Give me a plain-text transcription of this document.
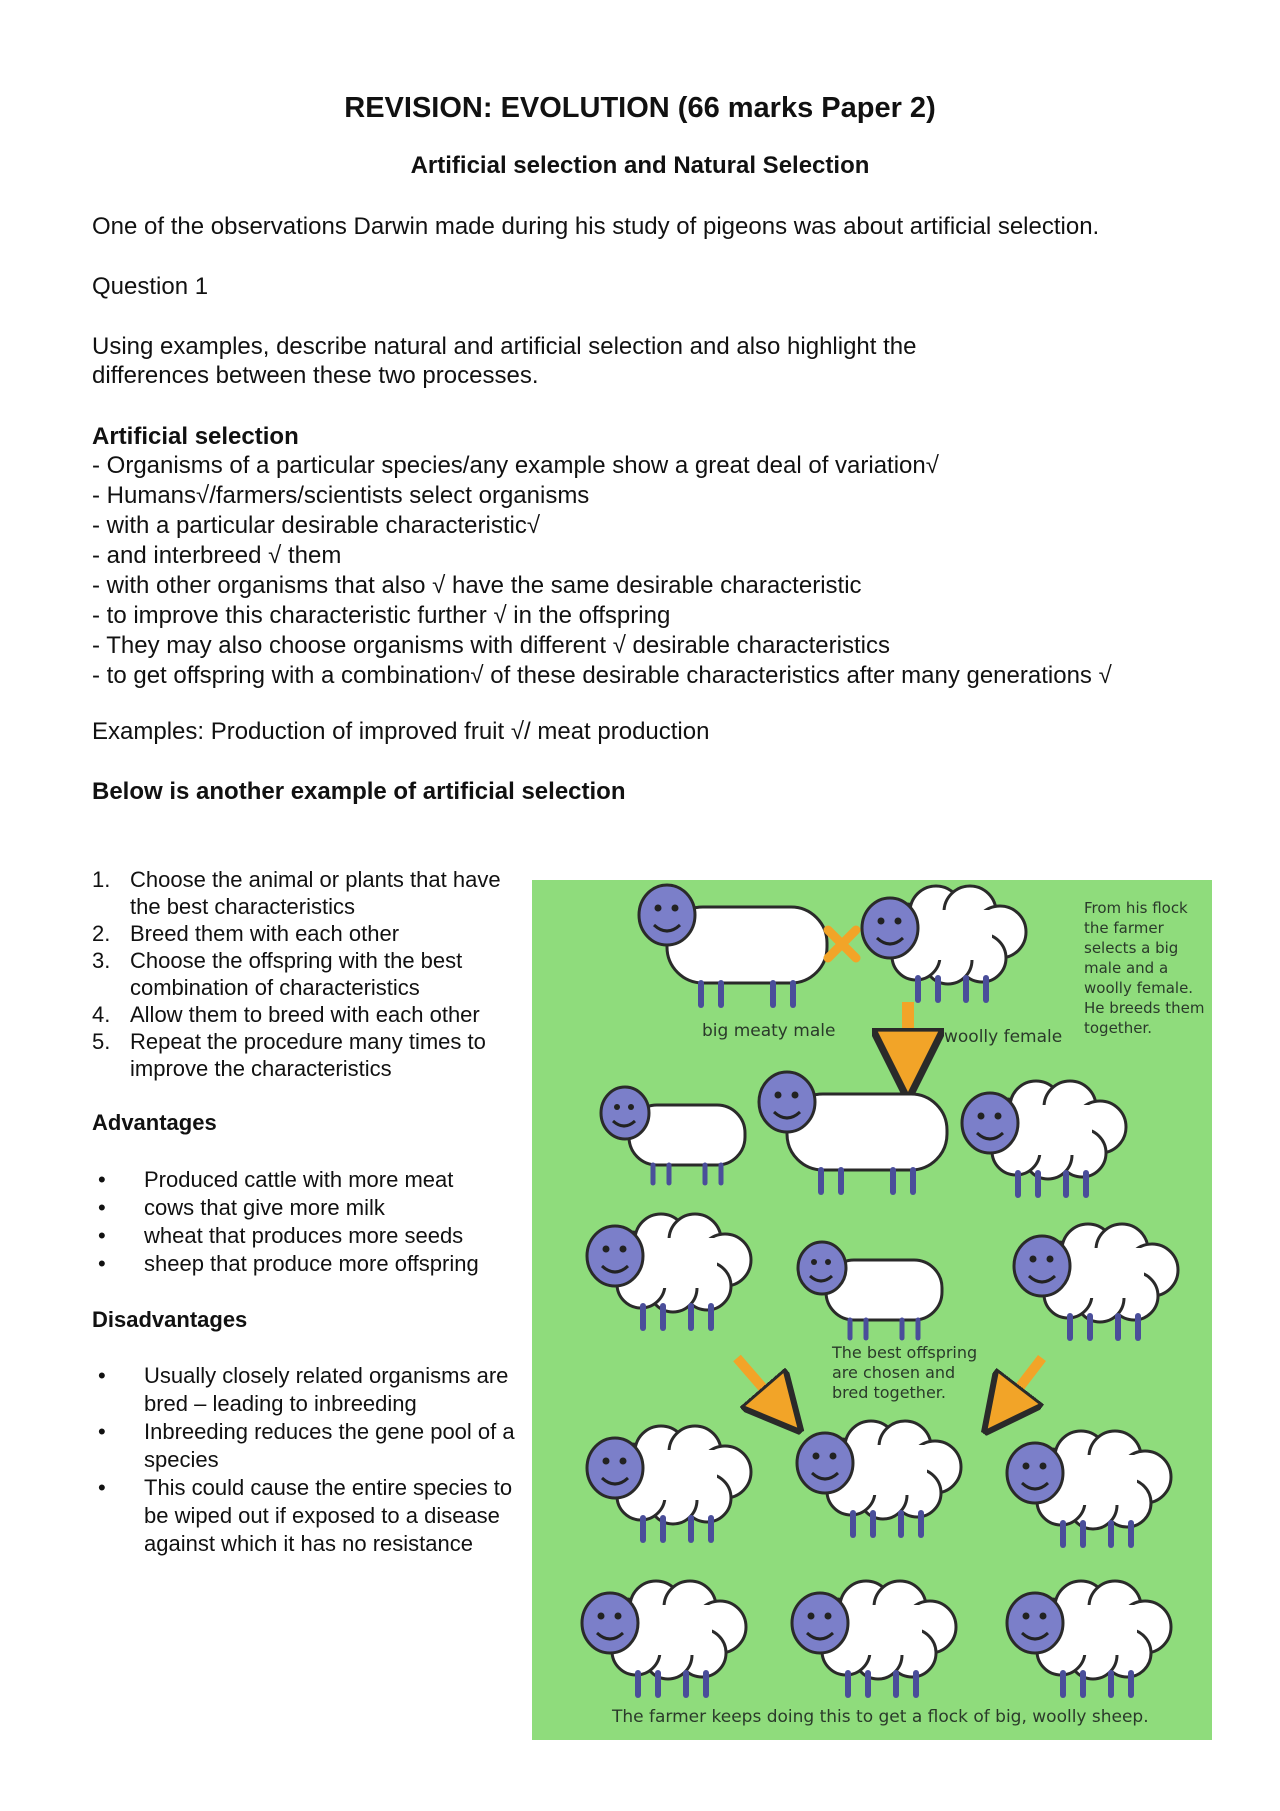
REVISION: EVOLUTION (66 marks Paper 2)
Artificial selection and Natural Selection

One of the observations Darwin made during his study of pigeons was about artificial selection.

Question 1

Using examples, describe natural and artificial selection and also highlight the

differences between these two processes.

Artificial selection

- Organisms of a particular species/any example show a great deal of variation√
- Humans√/farmers/scientists select organisms
- with a particular desirable characteristic√
- and interbreed √ them
- with other organisms that also √ have the same desirable characteristic
- to improve this characteristic further √ in the offspring
- They may also choose organisms with different √ desirable characteristics
- to get offspring with a combination√ of these desirable characteristics after many generations √

Examples: Production of improved fruit √/ meat production

Below is another example of artificial selection

1. Choose the animal or plants that have the best characteristics
2. Breed them with each other
3. Choose the offspring with the best combination of characteristics
4. Allow them to breed with each other
5. Repeat the procedure many times to improve the characteristics

Advantages

• Produced cattle with more meat
• cows that give more milk
• wheat that produces more seeds
• sheep that produce more offspring

Disadvantages

• Usually closely related organisms are bred – leading to inbreeding
• Inbreeding reduces the gene pool of a species
• This could cause the entire species to be wiped out if exposed to a disease against which it has no resistance
big meaty male	woolly female
From his flock
the farmer
selects a big
male and a
woolly female.
He breeds them
together.
The best offspring
are chosen and
bred together.
The farmer keeps doing this to get a flock of big, woolly sheep.
